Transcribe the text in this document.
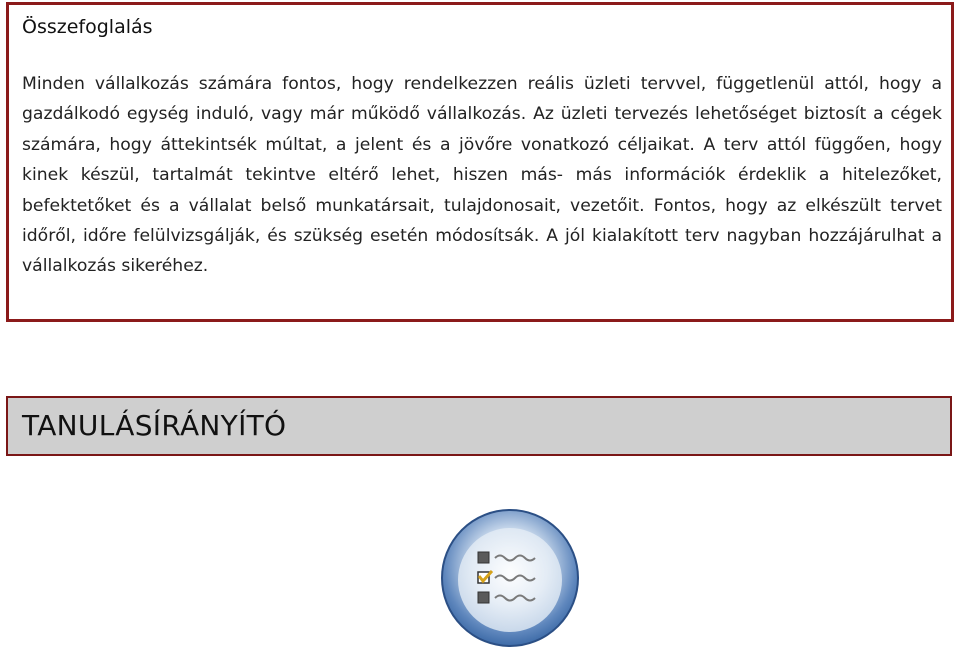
Összefoglalás

Minden vállalkozás számára fontos, hogy rendelkezzen reális üzleti tervvel, függetlenül attól, hogy a gazdálkodó egység induló, vagy már működő vállalkozás. Az üzleti tervezés lehetőséget biztosít a cégek számára, hogy áttekintsék múltat, a jelent és a jövőre vonatkozó céljaikat. A terv attól függően, hogy kinek készül, tartalmát tekintve eltérő lehet, hiszen más- más információk érdeklik a hitelezőket, befektetőket és a vállalat belső munkatársait, tulajdonosait, vezetőit. Fontos, hogy az elkészült tervet időről, időre felülvizsgálják, és szükség esetén módosítsák. A jól kialakított terv nagyban hozzájárulhat a vállalkozás sikeréhez.

TANULÁSÍRÁNYÍTÓ
